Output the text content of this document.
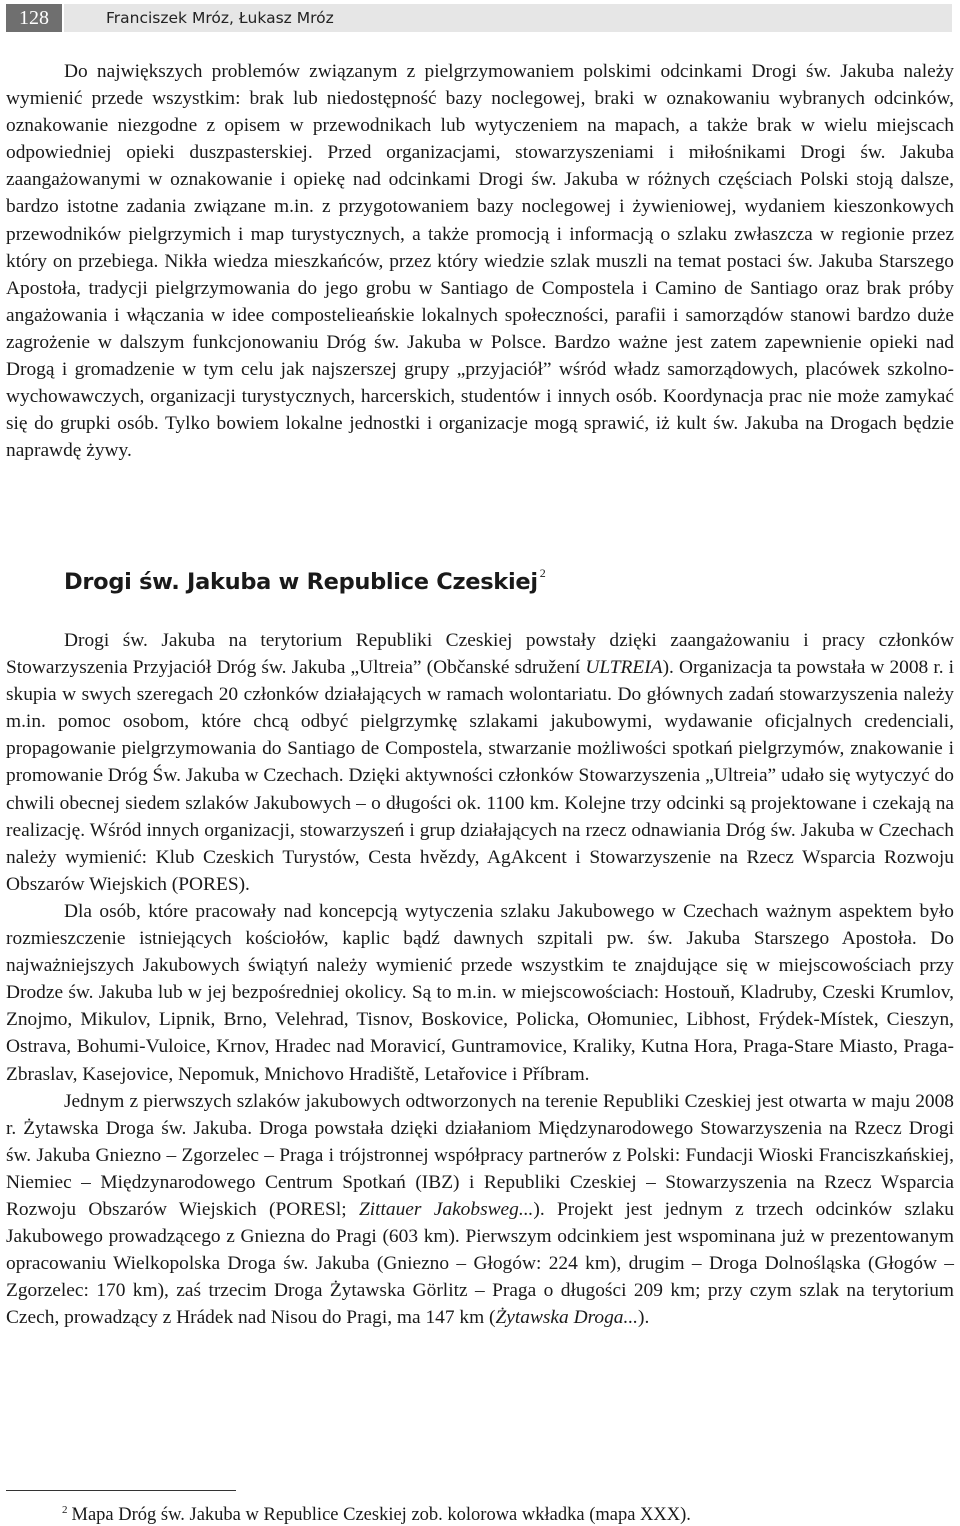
128	Franciszek Mróz, Łukasz Mróz

Do największych problemów związanym z pielgrzymowaniem polskimi odcinkami Drogi św. Jakuba należy wymienić przede wszystkim: brak lub niedostępność bazy noclegowej, braki w oznakowaniu wybranych odcinków, oznakowanie niezgodne z opisem w przewodnikach lub wytyczeniem na mapach, a także brak w wielu miejscach odpowiedniej opieki duszpasterskiej. Przed organizacjami, stowarzyszeniami i miłośnikami Drogi św. Jakuba zaangażowanymi w oznakowanie i opiekę nad odcinkami Drogi św. Jakuba w różnych częściach Polski stoją dalsze, bardzo istotne zadania związane m.in. z przygotowaniem bazy noclegowej i żywieniowej, wydaniem kieszonkowych przewodników pielgrzymich i map turystycznych, a także promocją i informacją o szlaku zwłaszcza w regionie przez który on przebiega. Nikła wiedza mieszkańców, przez który wiedzie szlak muszli na temat postaci św. Jakuba Starszego Apostoła, tradycji pielgrzymowania do jego grobu w Santiago de Compostela i Camino de Santiago oraz brak próby angażowania i włączania w idee compostelieańskie lokalnych społeczności, parafii i samorządów stanowi bardzo duże zagrożenie w dalszym funkcjonowaniu Dróg św. Jakuba w Polsce. Bardzo ważne jest zatem zapewnienie opieki nad Drogą i gromadzenie w tym celu jak najszerszej grupy „przyjaciół” wśród władz samorządowych, placówek szkolno-wychowawczych, organizacji turystycznych, harcerskich, studentów i innych osób. Koordynacja prac nie może zamykać się do grupki osób. Tylko bowiem lokalne jednostki i organizacje mogą sprawić, iż kult św. Jakuba na Drogach będzie naprawdę żywy.

Drogi św. Jakuba w Republice Czeskiej $^2$

Drogi św. Jakuba na terytorium Republiki Czeskiej powstały dzięki zaangażowaniu i pracy członków Stowarzyszenia Przyjaciół Dróg św. Jakuba „Ultreia” (Občanské sdružení ULTREIA). Organizacja ta powstała w 2008 r. i skupia w swych szeregach 20 członków działających w ramach wolontariatu. Do głównych zadań stowarzyszenia należy m.in. pomoc osobom, które chcą odbyć pielgrzymkę szlakami jakubowymi, wydawanie oficjalnych credenciali, propagowanie pielgrzymowania do Santiago de Compostela, stwarzanie możliwości spotkań pielgrzymów, znakowanie i promowanie Dróg Św. Jakuba w Czechach. Dzięki aktywności członków Stowarzyszenia „Ultreia” udało się wytyczyć do chwili obecnej siedem szlaków Jakubowych – o długości ok. 1100 km. Kolejne trzy odcinki są projektowane i czekają na realizację. Wśród innych organizacji, stowarzyszeń i grup działających na rzecz odnawiania Dróg św. Jakuba w Czechach należy wymienić: Klub Czeskich Turystów, Cesta hvězdy, AgAkcent i Stowarzyszenie na Rzecz Wsparcia Rozwoju Obszarów Wiejskich (PORES).

Dla osób, które pracowały nad koncepcją wytyczenia szlaku Jakubowego w Czechach ważnym aspektem było rozmieszczenie istniejących kościołów, kaplic bądź dawnych szpitali pw. św. Jakuba Starszego Apostoła. Do najważniejszych Jakubowych świątyń należy wymienić przede wszystkim te znajdujące się w miejscowościach przy Drodze św. Jakuba lub w jej bezpośredniej okolicy. Są to m.in. w miejscowościach: Hostouň, Kladruby, Czeski Krumlov, Znojmo, Mikulov, Lipnik, Brno, Velehrad, Tisnov, Boskovice, Policka, Ołomuniec, Libhost, Frýdek-Místek, Cieszyn, Ostrava, Bohumi-Vuloice, Krnov, Hradec nad Moravicí, Guntramovice, Kraliky, Kutna Hora, Praga-Stare Miasto, Praga-Zbraslav, Kasejovice, Nepomuk, Mnichovo Hradiště, Letařovice i Příbram.

Jednym z pierwszych szlaków jakubowych odtworzonych na terenie Republiki Czeskiej jest otwarta w maju 2008 r. Żytawska Droga św. Jakuba. Droga powstała dzięki działaniom Międzynarodowego Stowarzyszenia na Rzecz Drogi św. Jakuba Gniezno – Zgorzelec – Praga i trójstronnej współpracy partnerów z Polski: Fundacji Wioski Franciszkańskiej, Niemiec – Międzynarodowego Centrum Spotkań (IBZ) i Republiki Czeskiej – Stowarzyszenia na Rzecz Wsparcia Rozwoju Obszarów Wiejskich (PORESl; Zittauer Jakobsweg...). Projekt jest jednym z trzech odcinków szlaku Jakubowego prowadzącego z Gniezna do Pragi (603 km). Pierwszym odcinkiem jest wspominana już w prezentowanym opracowaniu Wielkopolska Droga św. Jakuba (Gniezno – Głogów: 224 km), drugim – Droga Dolnośląska (Głogów – Zgorzelec: 170 km), zaś trzecim Droga Żytawska Görlitz – Praga o długości 209 km; przy czym szlak na terytorium Czech, prowadzący z Hrádek nad Nisou do Pragi, ma 147 km (Żytawska Droga...).

$^2$ Mapa Dróg św. Jakuba w Republice Czeskiej zob. kolorowa wkładka (mapa XXX).
